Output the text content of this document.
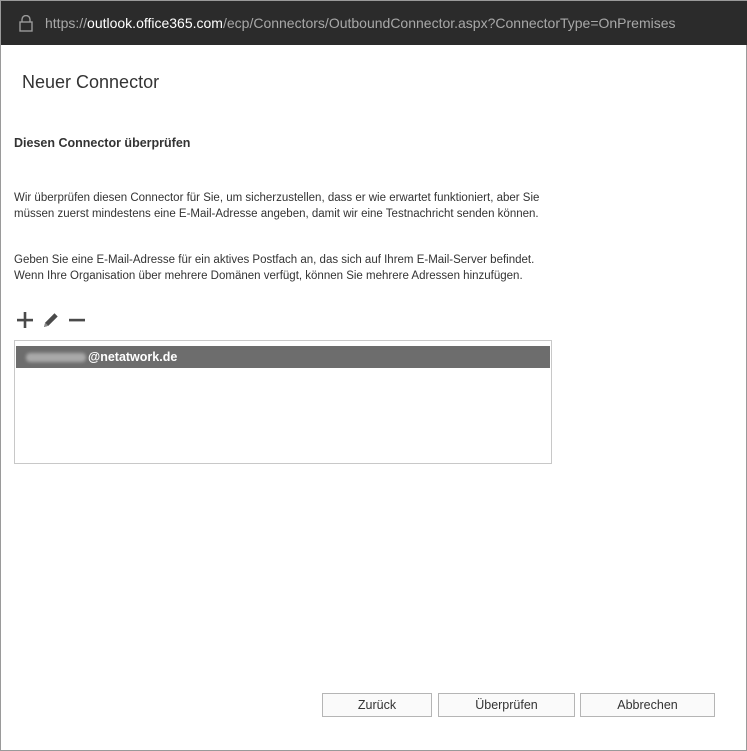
https://outlook.office365.com/ecp/Connectors/OutboundConnector.aspx?ConnectorType=OnPremises
Neuer Connector
Diesen Connector überprüfen
Wir überprüfen diesen Connector für Sie, um sicherzustellen, dass er wie erwartet funktioniert, aber Sie müssen zuerst mindestens eine E-Mail-Adresse angeben, damit wir eine Testnachricht senden können.
Geben Sie eine E-Mail-Adresse für ein aktives Postfach an, das sich auf Ihrem E-Mail-Server befindet. Wenn Ihre Organisation über mehrere Domänen verfügt, können Sie mehrere Adressen hinzufügen.
@netatwork.de
Zurück	Überprüfen	Abbrechen
